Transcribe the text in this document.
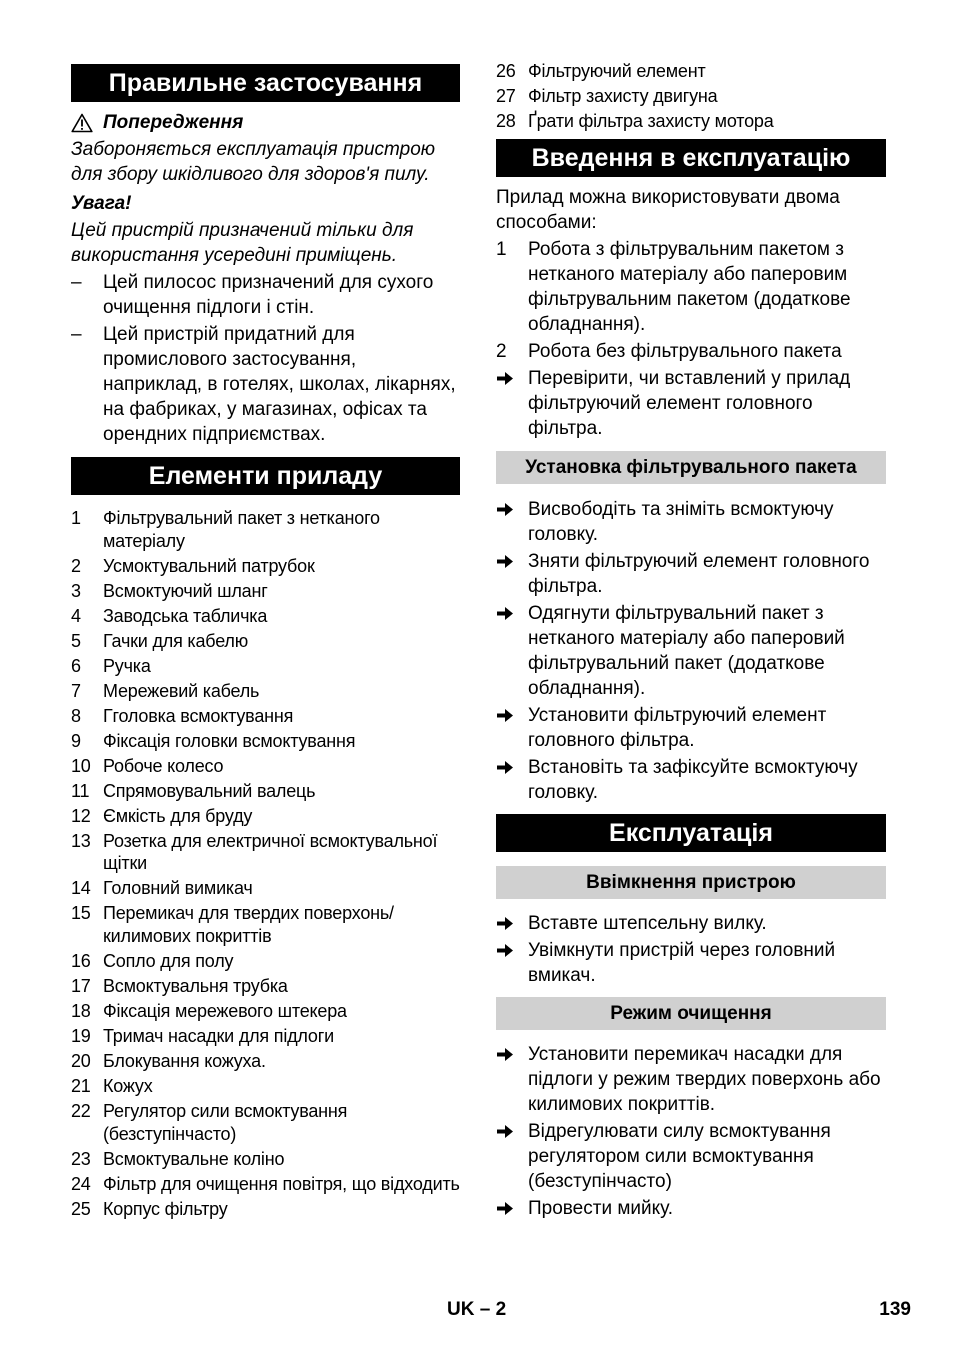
Правильне застосування
Попередження
Забороняється експлуатація пристрою для збору шкідливого для здоров'я пилу.
Увага!
Цей пристрій призначений тільки для використання усередині приміщень.
–	Цей пилосос призначений для сухого очищення підлоги і стін.
–	Цей пристрій придатний для промислового застосування, наприклад, в готелях, школах, лікарнях, на фабриках, у магазинах, офісах та орендних підприємствах.
Елементи приладу
1	Фільтрувальний пакет з нетканого матеріалу
2	Усмоктувальний патрубок
3	Всмоктуючий шланг
4	Заводська табличка
5	Гачки для кабелю
6	Ручка
7	Мережевий кабель
8	Гголовка всмоктування
9	Фіксація головки всмоктування
10 Робоче колесо
11 Спрямовувальний валець
12 Ємкість для бруду
13 Розетка для електричної всмоктувальної щітки
14 Головний вимикач
15 Перемикач для твердих поверхонь/ килимових покриттів
16 Сопло для полу
17 Всмоктувальня трубка
18 Фіксація мережевого штекера
19 Тримач насадки для підлоги
20 Блокування кожуха.
21 Кожух
22 Регулятор сили всмоктування (безступінчасто)
23 Всмоктувальне коліно
24 Фільтр для очищення повітря, що відходить
25 Корпус фільтру
26 Фільтруючий елемент
27 Фільтр захисту двигуна
28 Ґрати фільтра захисту мотора
Введення в експлуатацію
Прилад можна використовувати двома способами:
1	Робота з фільтрувальним пакетом з нетканого матеріалу або паперовим фільтрувальним пакетом (додаткове обладнання).
2	Робота без фільтрувального пакета
Перевірити, чи вставлений у прилад фільтруючий елемент головного фільтра.
Установка фільтрувального пакета
Висвободіть та зніміть всмоктуючу головку.
Зняти фільтруючий елемент головного фільтра.
Одягнути фільтрувальний пакет з нетканого матеріалу або паперовий фільтрувальний пакет (додаткове обладнання).
Установити фільтруючий елемент головного фільтра.
Встановіть та зафіксуйте всмоктуючу головку.
Експлуатація
Ввімкнення пристрою
Вставте штепсельну вилку.
Увімкнути пристрій через головний вмикач.
Режим очищення
Установити перемикач насадки для підлоги у режим твердих поверхонь або килимових покриттів.
Відрегулювати силу всмоктування регулятором сили всмоктування (безступінчасто)
Провести мийку.
UK – 2	139
